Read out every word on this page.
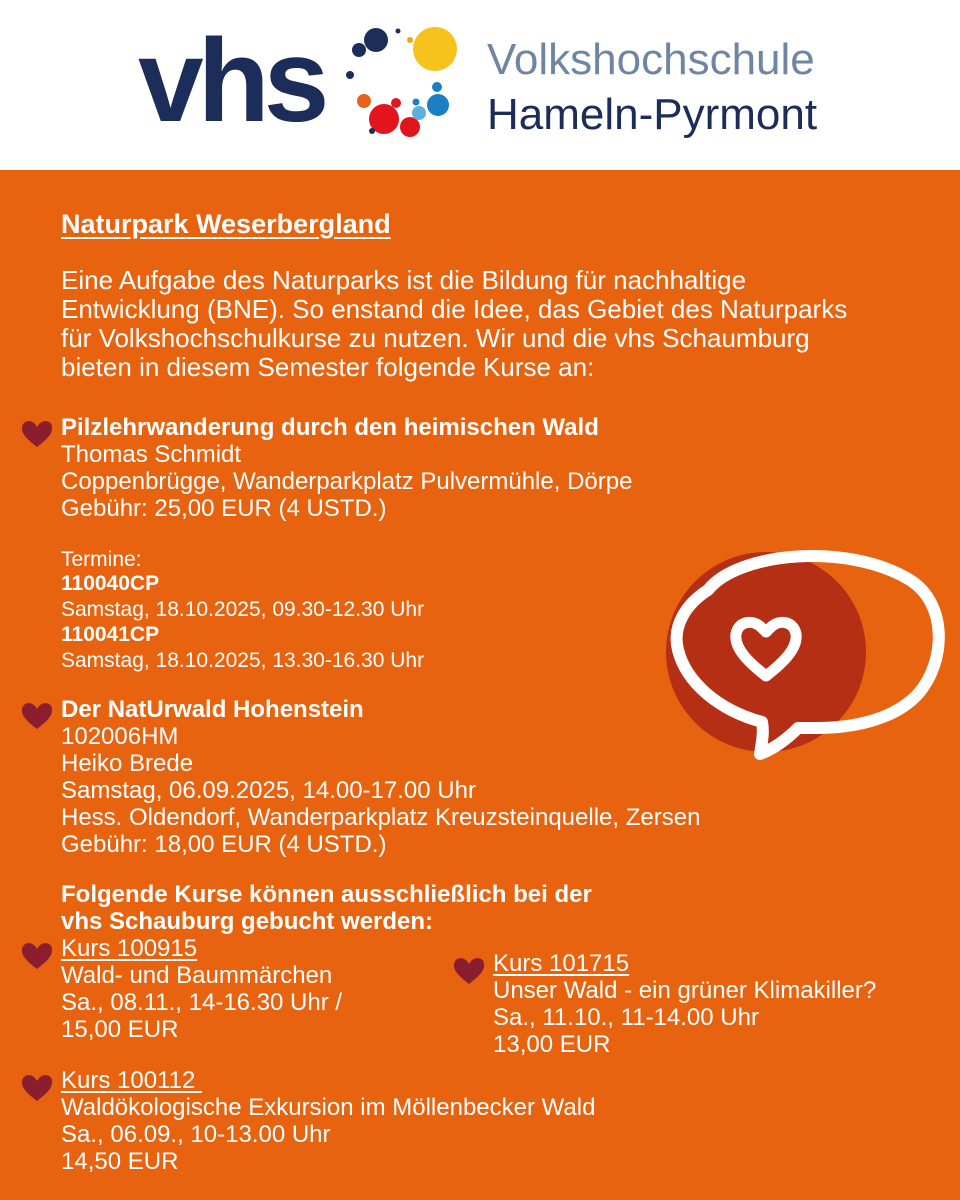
vhs	Volkshochschule
Hameln-Pyrmont
Naturpark Weserbergland
Eine Aufgabe des Naturparks ist die Bildung für nachhaltige
Entwicklung (BNE). So enstand die Idee, das Gebiet des Naturparks
für Volkshochschulkurse zu nutzen. Wir und die vhs Schaumburg
bieten in diesem Semester folgende Kurse an:
Pilzlehrwanderung durch den heimischen Wald
Thomas Schmidt
Coppenbrügge, Wanderparkplatz Pulvermühle, Dörpe
Gebühr: 25,00 EUR (4 USTD.)
Termine:
110040CP
Samstag, 18.10.2025, 09.30-12.30 Uhr
110041CP
Samstag, 18.10.2025, 13.30-16.30 Uhr
Der NatUrwald Hohenstein
102006HM
Heiko Brede
Samstag, 06.09.2025, 14.00-17.00 Uhr
Hess. Oldendorf, Wanderparkplatz Kreuzsteinquelle, Zersen
Gebühr: 18,00 EUR (4 USTD.)
Folgende Kurse können ausschließlich bei der
vhs Schauburg gebucht werden:
Kurs 100915
Wald- und Baummärchen
Sa., 08.11., 14-16.30 Uhr /
15,00 EUR
Kurs 101715
Unser Wald - ein grüner Klimakiller?
Sa., 11.10., 11-14.00 Uhr
13,00 EUR
Kurs 100112
Waldökologische Exkursion im Möllenbecker Wald
Sa., 06.09., 10-13.00 Uhr
14,50 EUR
